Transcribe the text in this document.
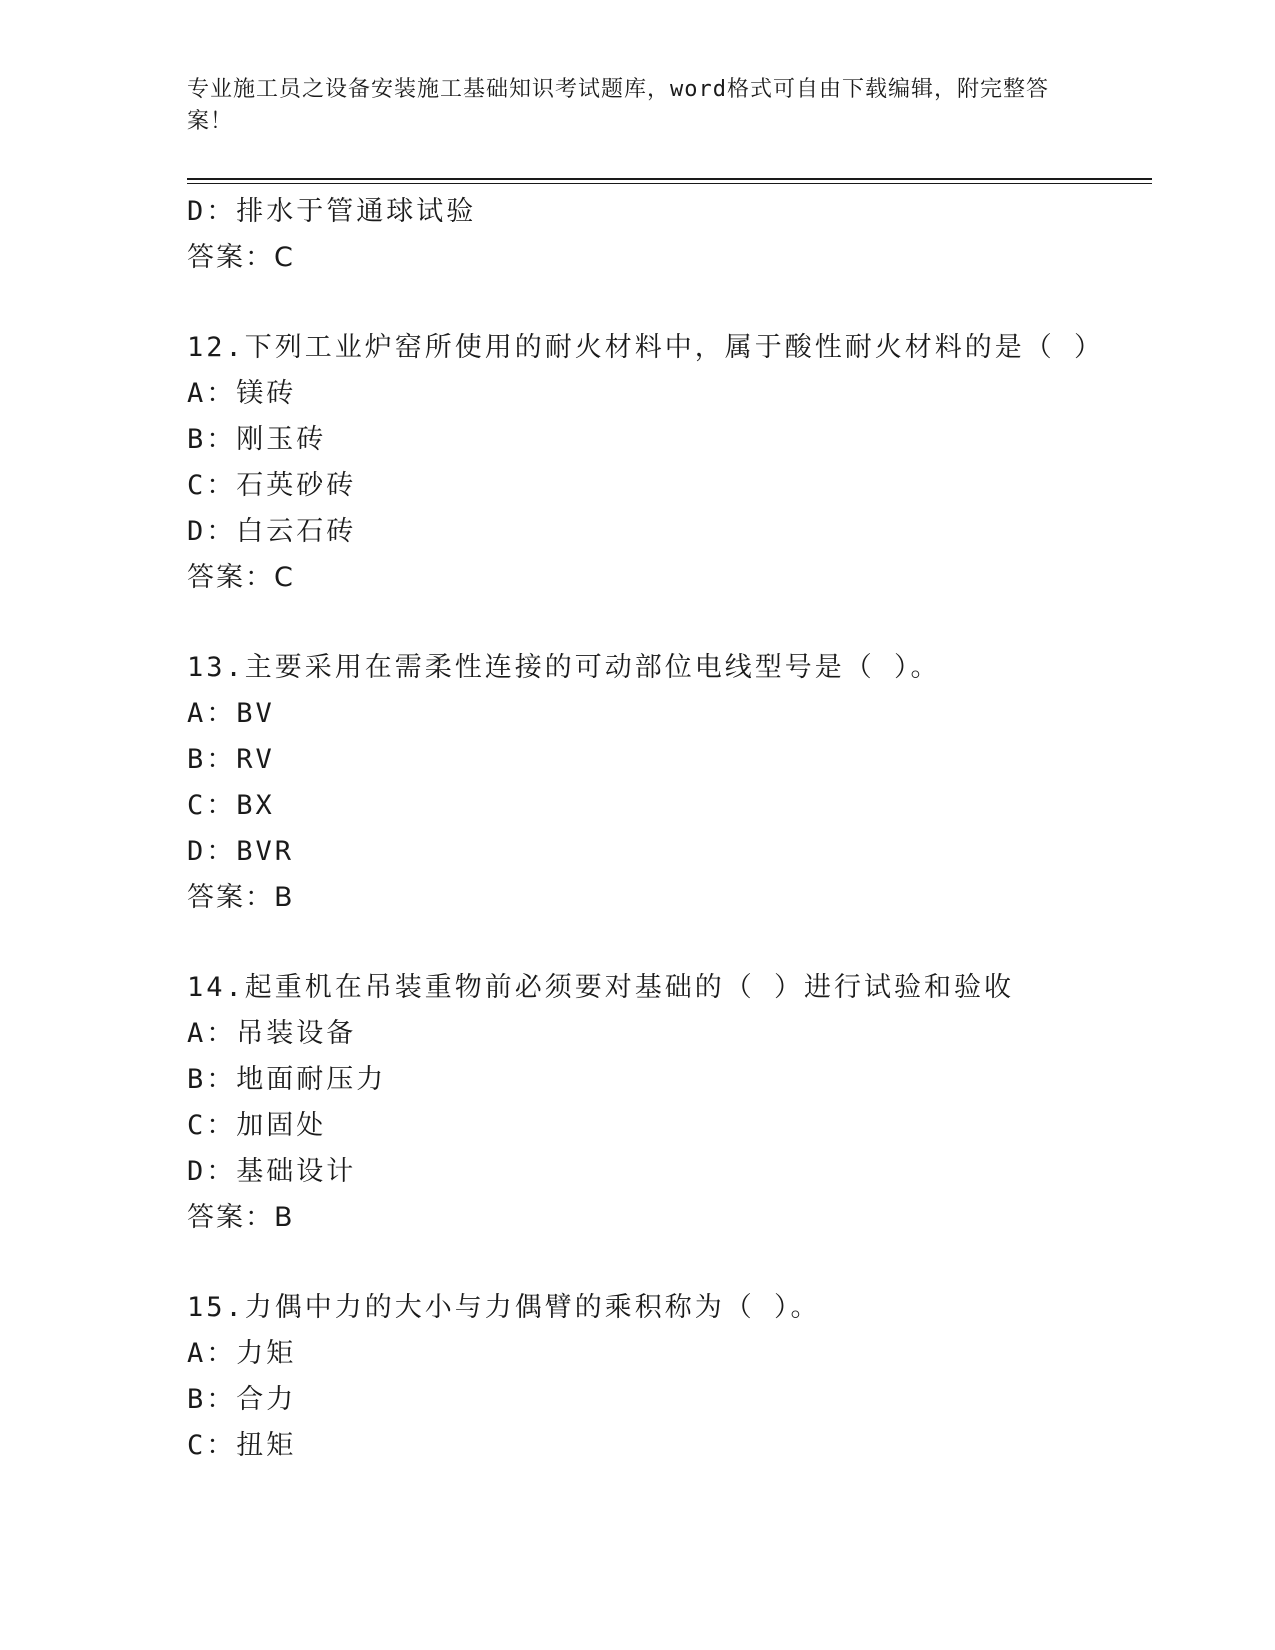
专业施工员之设备安装施工基础知识考试题库，word格式可自由下载编辑，附完整答案！
D：排水于管通球试验
答案：C
12.下列工业炉窑所使用的耐火材料中，属于酸性耐火材料的是（ ）
A：镁砖
B：刚玉砖
C：石英砂砖
D：白云石砖
答案：C
13.主要采用在需柔性连接的可动部位电线型号是（ ）。
A：BV
B：RV
C：BX
D：BVR
答案：B
14.起重机在吊装重物前必须要对基础的（ ）进行试验和验收
A：吊装设备
B：地面耐压力
C：加固处
D：基础设计
答案：B
15.力偶中力的大小与力偶臂的乘积称为（ ）。
A：力矩
B：合力
C：扭矩
